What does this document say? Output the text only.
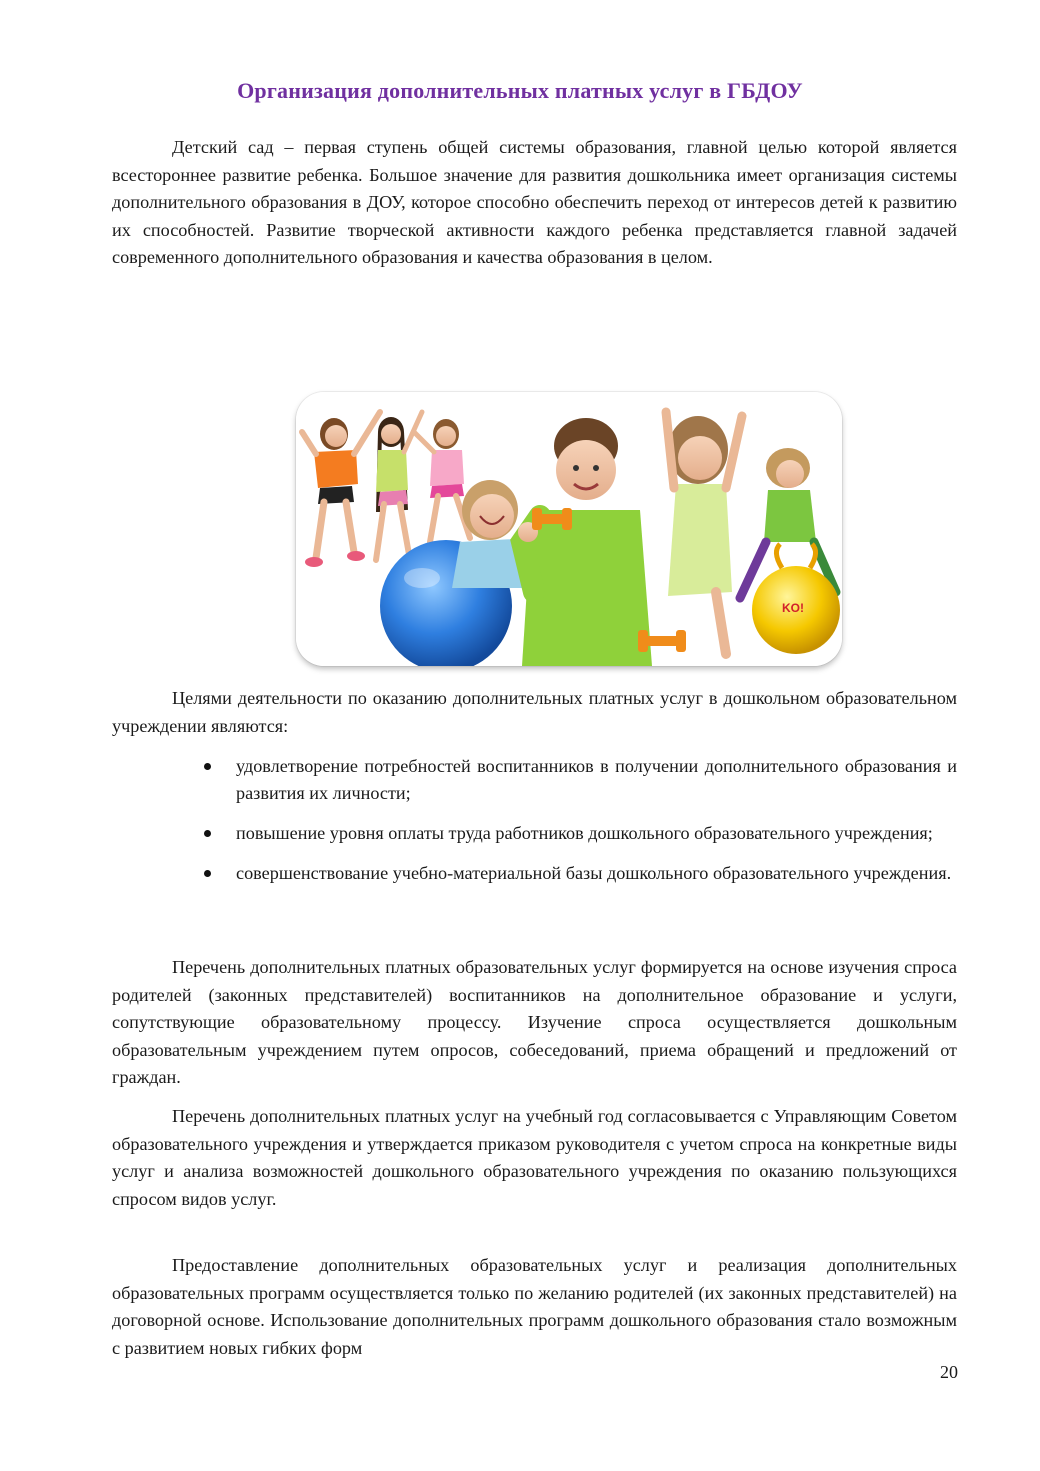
Организация дополнительных платных услуг в ГБДОУ

Детский сад – первая ступень общей системы образования, главной целью которой является всестороннее развитие ребенка. Большое значение для развития дошкольника имеет организация системы дополнительного образования в ДОУ, которое способно обеспечить переход от интересов детей к развитию их способностей. Развитие творческой активности каждого ребенка представляется главной задачей современного дополнительного образования и качества образования в целом.

KO!

Целями деятельности по оказанию дополнительных платных услуг в дошкольном образовательном учреждении являются:

удовлетворение потребностей воспитанников в получении дополнительного образования и развития их личности;
повышение уровня оплаты труда работников дошкольного образовательного учреждения;
совершенствование учебно-материальной базы дошкольного образовательного учреждения.

Перечень дополнительных платных образовательных услуг формируется на основе изучения спроса родителей (законных представителей) воспитанников на дополнительное образование и услуги, сопутствующие образовательному процессу. Изучение спроса осуществляется дошкольным образовательным учреждением путем опросов, собеседований, приема обращений и предложений от граждан.

Перечень дополнительных платных услуг на учебный год согласовывается с Управляющим Советом образовательного учреждения и утверждается приказом руководителя с учетом спроса на конкретные виды услуг и анализа возможностей дошкольного образовательного учреждения по оказанию пользующихся спросом видов услуг.

Предоставление дополнительных образовательных услуг и реализация дополнительных образовательных программ осуществляется только по желанию родителей (их законных представителей) на договорной основе. Использование дополнительных программ дошкольного образования стало возможным с развитием новых гибких форм

20
